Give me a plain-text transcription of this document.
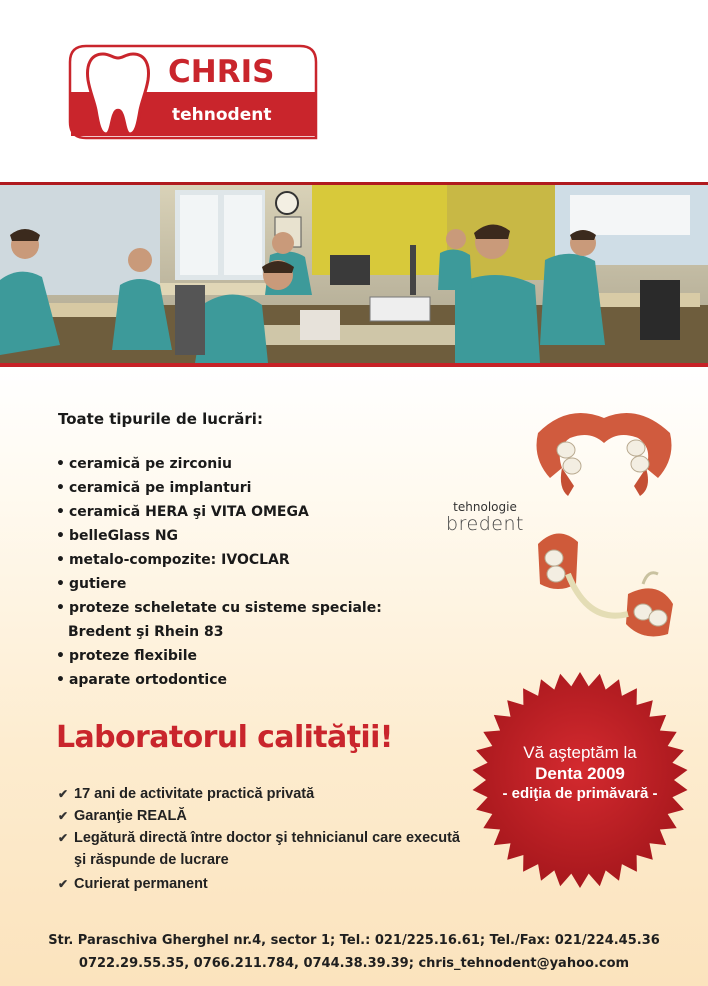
CHRIS
tehnodent
Toate tipurile de lucrări:
• ceramică pe zirconiu
• ceramică pe implanturi
• ceramică HERA şi VITA OMEGA
• belleGlass NG
• metalo-compozite: IVOCLAR
• gutiere
• proteze scheletate cu sisteme speciale: Bredent şi Rhein 83
• proteze flexibile
• aparate ortodontice
tehnologie
bredent
Laboratorul calităţii!
✔ 17 ani de activitate practică privată
✔ Garanţie REALĂ
✔ Legătură directă între doctor şi tehnicianul care execută şi răspunde de lucrare
✔ Curierat permanent
Vă aşteptăm la
Denta 2009
- ediţia de primăvară -
Str. Paraschiva Gherghel nr.4, sector 1; Tel.: 021/225.16.61; Tel./Fax: 021/224.45.36
0722.29.55.35, 0766.211.784, 0744.38.39.39; chris_tehnodent@yahoo.com
